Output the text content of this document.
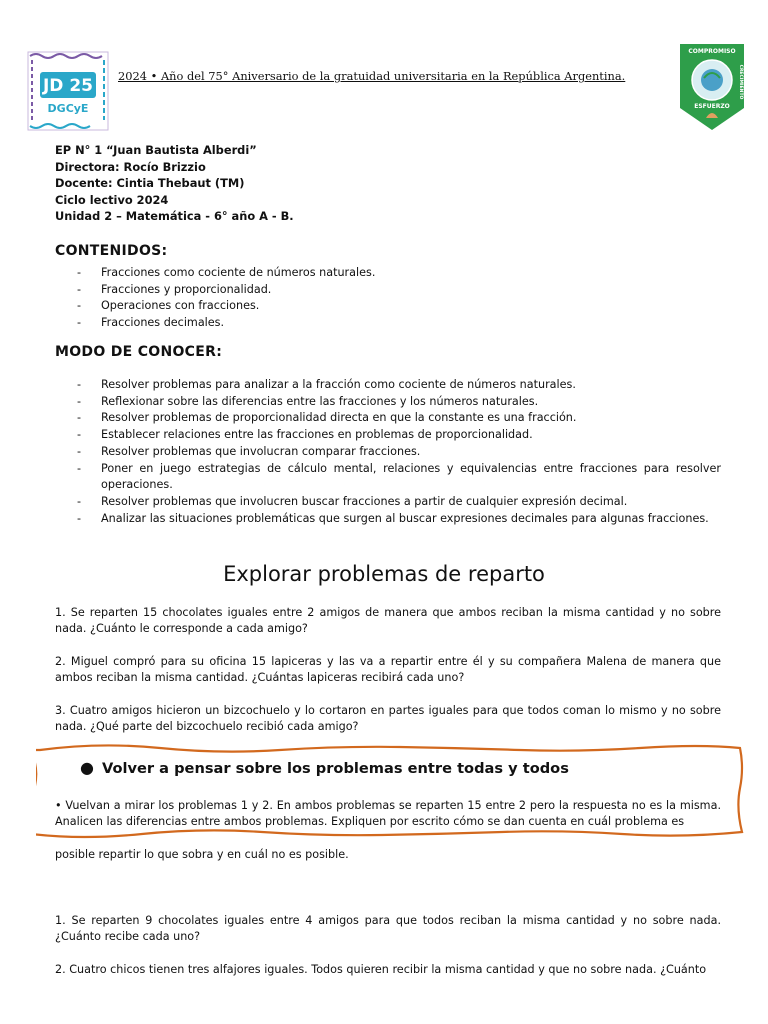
JD 25
DGCyE
2024 • Año del 75° Aniversario de la gratuidad universitaria en la República Argentina.
COMPROMISO
ESFUERZO
CRECIMIENTO
EP N° 1 “Juan Bautista Alberdi”
Directora: Rocío Brizzio
Docente: Cintia Thebaut (TM)
Ciclo lectivo 2024
Unidad 2 – Matemática - 6° año A - B.
CONTENIDOS:
- Fracciones como cociente de números naturales.
- Fracciones y proporcionalidad.
- Operaciones con fracciones.
- Fracciones decimales.
MODO DE CONOCER:
- Resolver problemas para analizar a la fracción como cociente de números naturales.
- Reflexionar sobre las diferencias entre las fracciones y los números naturales.
- Resolver problemas de proporcionalidad directa en que la constante es una fracción.
- Establecer relaciones entre las fracciones en problemas de proporcionalidad.
- Resolver problemas que involucran comparar fracciones.
- Poner en juego estrategias de cálculo mental, relaciones y equivalencias entre fracciones para resolver operaciones.
- Resolver problemas que involucren buscar fracciones a partir de cualquier expresión decimal.
- Analizar las situaciones problemáticas que surgen al buscar expresiones decimales para algunas fracciones.
Explorar problemas de reparto

1. Se reparten 15 chocolates iguales entre 2 amigos de manera que ambos reciban la misma cantidad y no sobre nada. ¿Cuánto le corresponde a cada amigo?

2. Miguel compró para su oficina 15 lapiceras y las va a repartir entre él y su compañera Malena de manera que ambos reciban la misma cantidad. ¿Cuántas lapiceras recibirá cada uno?

3. Cuatro amigos hicieron un bizcochuelo y lo cortaron en partes iguales para que todos coman lo mismo y no sobre nada. ¿Qué parte del bizcochuelo recibió cada amigo?

● Volver a pensar sobre los problemas entre todas y todos

• Vuelvan a mirar los problemas 1 y 2. En ambos problemas se reparten 15 entre 2 pero la respuesta no es la misma. Analicen las diferencias entre ambos problemas. Expliquen por escrito cómo se dan cuenta en cuál problema es

posible repartir lo que sobra y en cuál no es posible.

1. Se reparten 9 chocolates iguales entre 4 amigos para que todos reciban la misma cantidad y no sobre nada. ¿Cuánto recibe cada uno?

2. Cuatro chicos tienen tres alfajores iguales. Todos quieren recibir la misma cantidad y que no sobre nada. ¿Cuánto
